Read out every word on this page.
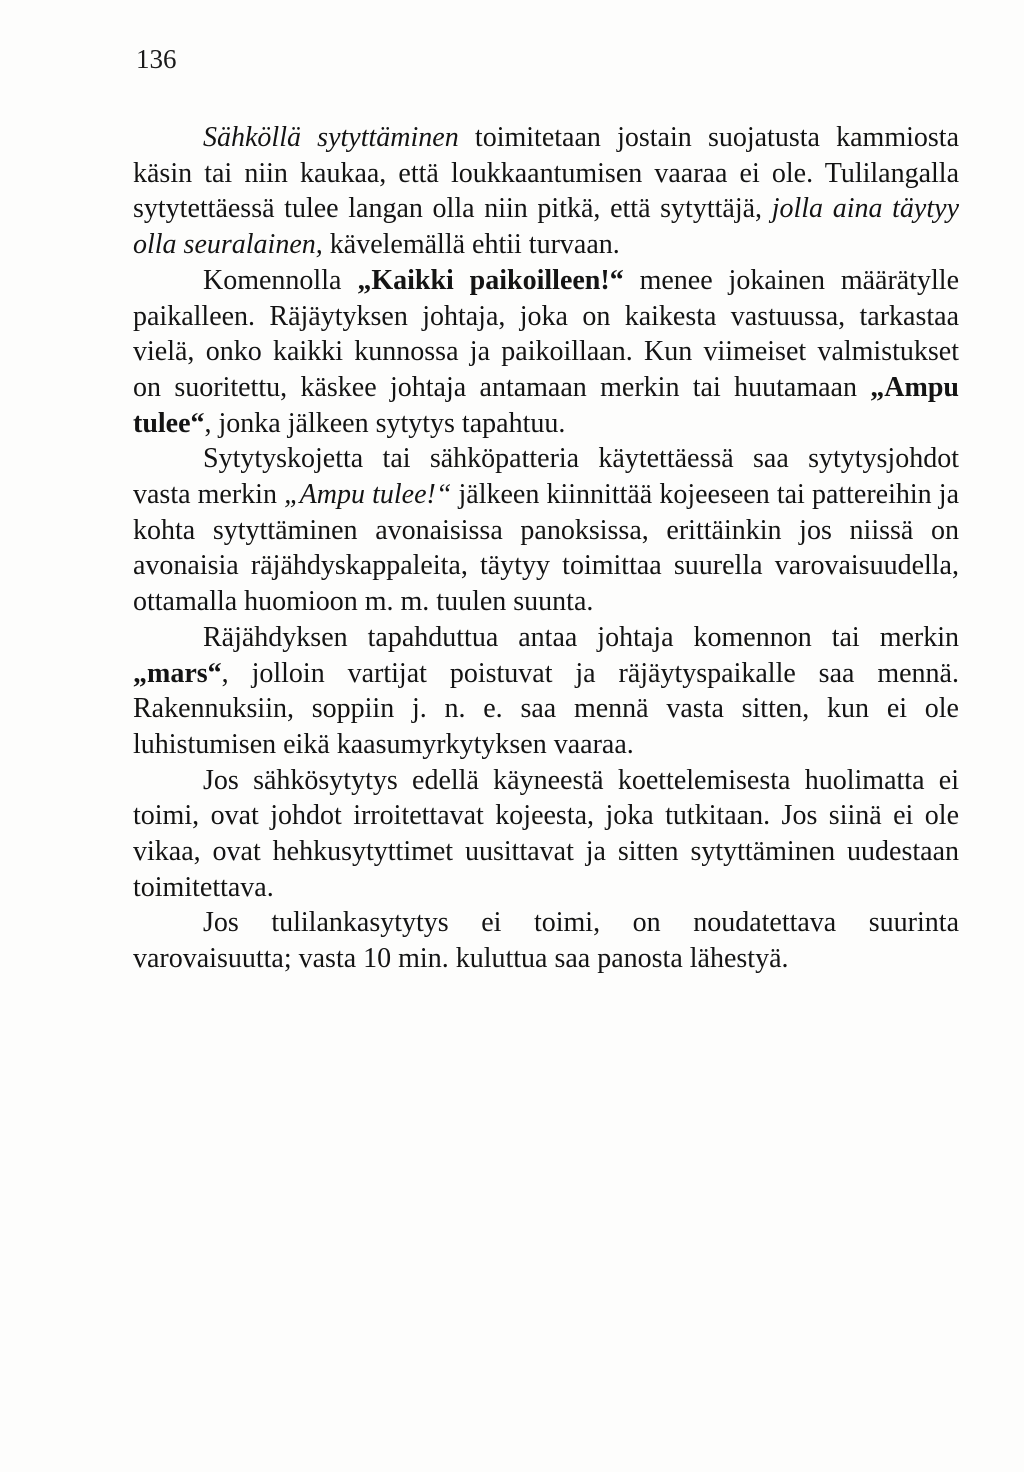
136

Sähköllä sytyttäminen toimitetaan jostain suojatusta kammiosta käsin tai niin kaukaa, että loukkaantumisen vaaraa ei ole. Tulilangalla sytytettäessä tulee langan olla niin pitkä, että sytyttäjä, jolla aina täytyy olla seuralainen, kävelemällä ehtii turvaan.

Komennolla „Kaikki paikoilleen!“ menee jokainen määrätylle paikalleen. Räjäytyksen johtaja, joka on kaikesta vastuussa, tarkastaa vielä, onko kaikki kunnossa ja paikoillaan. Kun viimeiset valmistukset on suoritettu, käskee johtaja antamaan merkin tai huutamaan „Ampu tulee“, jonka jälkeen sytytys tapahtuu.

Sytytyskojetta tai sähköpatteria käytettäessä saa sytytysjohdot vasta merkin „Ampu tulee!“ jälkeen kiinnittää kojeeseen tai pattereihin ja kohta sytyttäminen avonaisissa panoksissa, erittäinkin jos niissä on avonaisia räjähdyskappaleita, täytyy toimittaa suurella varovaisuudella, ottamalla huomioon m. m. tuulen suunta.

Räjähdyksen tapahduttua antaa johtaja komennon tai merkin „mars“, jolloin vartijat poistuvat ja räjäytyspaikalle saa mennä. Rakennuksiin, soppiin j. n. e. saa mennä vasta sitten, kun ei ole luhistumisen eikä kaasumyrkytyksen vaaraa.

Jos sähkösytytys edellä käyneestä koettelemisesta huolimatta ei toimi, ovat johdot irroitettavat kojeesta, joka tutkitaan. Jos siinä ei ole vikaa, ovat hehkusytyttimet uusittavat ja sitten sytyttäminen uudestaan toimitettava.

Jos tulilankasytytys ei toimi, on noudatettava suurinta varovaisuutta; vasta 10 min. kuluttua saa panosta lähestyä.
